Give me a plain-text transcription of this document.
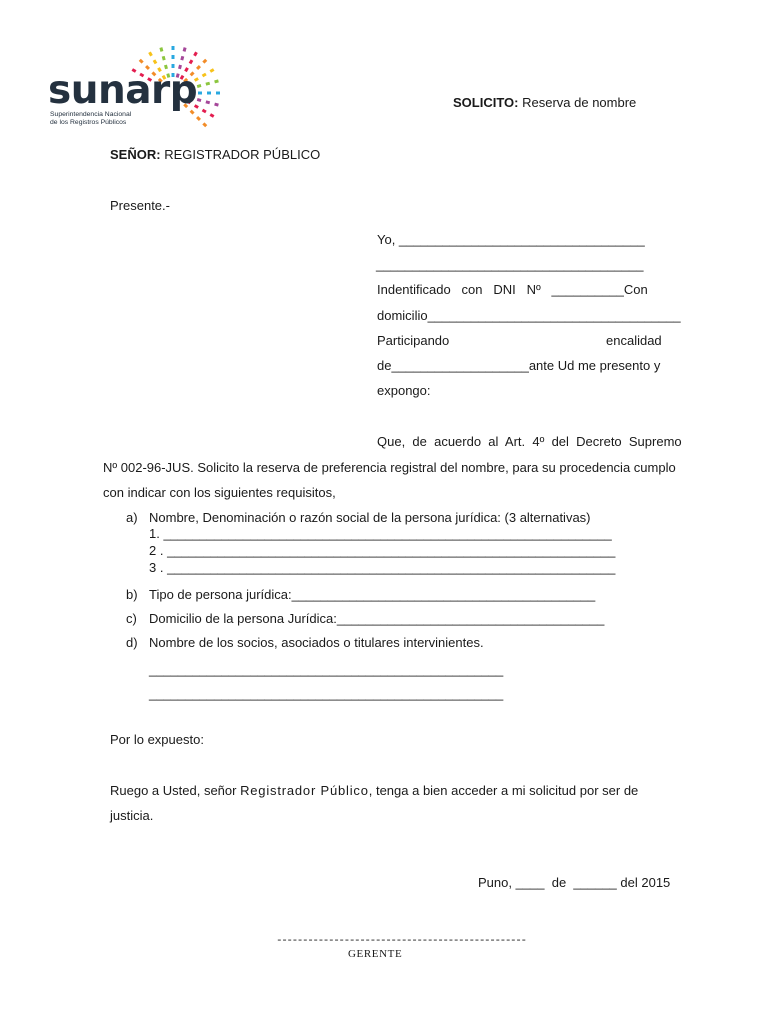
sunarp
Superintendencia Nacional
de los Registros Públicos
SOLICITO: Reserva de nombre
SEÑOR: REGISTRADOR PÚBLICO
Presente.-
Yo, __________________________________
_____________________________________
Indentificado   con   DNI   Nº   __________Con
domicilio___________________________________
Participando	encalidad
de___________________ante Ud me presento y
expongo:
Que,  de  acuerdo  al  Art.  4º  del  Decreto  Supremo
Nº 002-96-JUS. Solicito la reserva de preferencia registral del nombre, para su procedencia cumplo
con indicar con los siguientes requisitos,
a) Nombre, Denominación o razón social de la persona jurídica: (3 alternativas)
1. ______________________________________________________________
2 . ______________________________________________________________
3 . ______________________________________________________________
b) Tipo de persona jurídica:__________________________________________
c) Domicilio de la persona Jurídica:_____________________________________
d) Nombre de los socios, asociados o titulares intervinientes.
_________________________________________________
_________________________________________________
Por lo expuesto:
Ruego a Usted, señor Registrador Público, tenga a bien acceder a mi solicitud por ser de
justicia.
Puno, ____  de  ______ del 2015
------------------------------------------------
GERENTE
